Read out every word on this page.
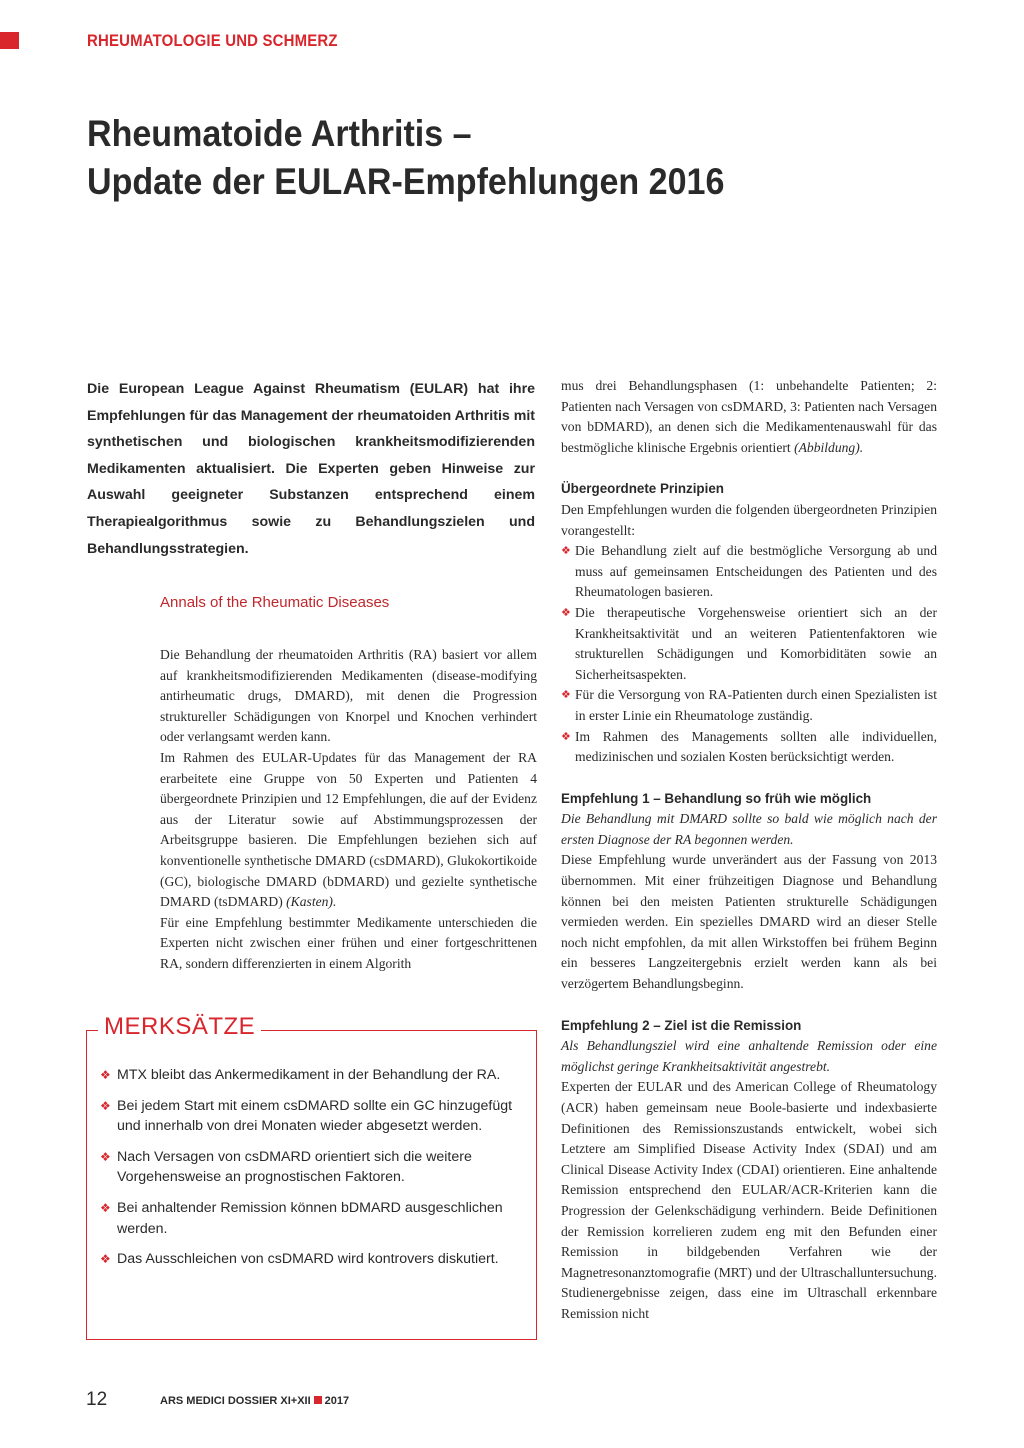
RHEUMATOLOGIE UND SCHMERZ
Rheumatoide Arthritis –
Update der EULAR-Empfehlungen 2016

Die European League Against Rheumatism (EULAR) hat ihre Empfehlungen für das Management der rheumatoiden Arthritis mit synthetischen und biologischen krankheitsmodifizierenden Medikamenten aktualisiert. Die Experten geben Hinweise zur Auswahl geeigneter Substanzen entsprechend einem Therapiealgorithmus sowie zu Behandlungszielen und Behandlungsstrategien.

Annals of the Rheumatic Diseases

Die Behandlung der rheumatoiden Arthritis (RA) basiert vor allem auf krankheitsmodifizierenden Medikamenten (disease-modifying antirheumatic drugs, DMARD), mit denen die Progression struktureller Schädigungen von Knorpel und Knochen verhindert oder verlangsamt werden kann.

Im Rahmen des EULAR-Updates für das Management der RA erarbeitete eine Gruppe von 50 Experten und Patienten 4 übergeordnete Prinzipien und 12 Empfehlungen, die auf der Evidenz aus der Literatur sowie auf Abstimmungsprozessen der Arbeitsgruppe basieren. Die Empfehlungen beziehen sich auf konventionelle synthetische DMARD (csDMARD), Glukokortikoide (GC), biologische DMARD (bDMARD) und gezielte synthetische DMARD (tsDMARD) (Kasten).

Für eine Empfehlung bestimmter Medikamente unterschieden die Experten nicht zwischen einer frühen und einer fortgeschrittenen RA, sondern differenzierten in einem Algorith

mus drei Behandlungsphasen (1: unbehandelte Patienten; 2: Patienten nach Versagen von csDMARD, 3: Patienten nach Versagen von bDMARD), an denen sich die Medikamentenauswahl für das bestmögliche klinische Ergebnis orientiert (Abbildung).

Übergeordnete Prinzipien

Den Empfehlungen wurden die folgenden übergeordneten Prinzipien vorangestellt:

❖ Die Behandlung zielt auf die bestmögliche Versorgung ab und muss auf gemeinsamen Entscheidungen des Patienten und des Rheumatologen basieren.
❖ Die therapeutische Vorgehensweise orientiert sich an der Krankheitsaktivität und an weiteren Patientenfaktoren wie strukturellen Schädigungen und Komorbiditäten sowie an Sicherheitsaspekten.
❖ Für die Versorgung von RA-Patienten durch einen Spezialisten ist in erster Linie ein Rheumatologe zuständig.
❖ Im Rahmen des Managements sollten alle individuellen, medizinischen und sozialen Kosten berücksichtigt werden.

Empfehlung 1 – Behandlung so früh wie möglich

Die Behandlung mit DMARD sollte so bald wie möglich nach der ersten Diagnose der RA begonnen werden.

Diese Empfehlung wurde unverändert aus der Fassung von 2013 übernommen. Mit einer frühzeitigen Diagnose und Behandlung können bei den meisten Patienten strukturelle Schädigungen vermieden werden. Ein spezielles DMARD wird an dieser Stelle noch nicht empfohlen, da mit allen Wirkstoffen bei frühem Beginn ein besseres Langzeitergebnis erzielt werden kann als bei verzögertem Behandlungsbeginn.

Empfehlung 2 – Ziel ist die Remission

Als Behandlungsziel wird eine anhaltende Remission oder eine möglichst geringe Krankheitsaktivität angestrebt.

Experten der EULAR und des American College of Rheumatology (ACR) haben gemeinsam neue Boole-basierte und indexbasierte Definitionen des Remissionszustands entwickelt, wobei sich Letztere am Simplified Disease Activity Index (SDAI) und am Clinical Disease Activity Index (CDAI) orientieren. Eine anhaltende Remission entsprechend den EULAR/ACR-Kriterien kann die Progression der Gelenkschädigung verhindern. Beide Definitionen der Remission korrelieren zudem eng mit den Befunden einer Remission in bildgebenden Verfahren wie der Magnetresonanztomografie (MRT) und der Ultraschalluntersuchung. Studienergebnisse zeigen, dass eine im Ultraschall erkennbare Remission nicht

MERKSÄTZE
❖ MTX bleibt das Ankermedikament in der Behandlung der RA.
❖ Bei jedem Start mit einem csDMARD sollte ein GC hinzugefügt und innerhalb von drei Monaten wieder abgesetzt werden.
❖ Nach Versagen von csDMARD orientiert sich die weitere Vorgehensweise an prognostischen Faktoren.
❖ Bei anhaltender Remission können bDMARD ausgeschlichen werden.
❖ Das Ausschleichen von csDMARD wird kontrovers diskutiert.
12	ARS MEDICI DOSSIER XI+XII 2017
